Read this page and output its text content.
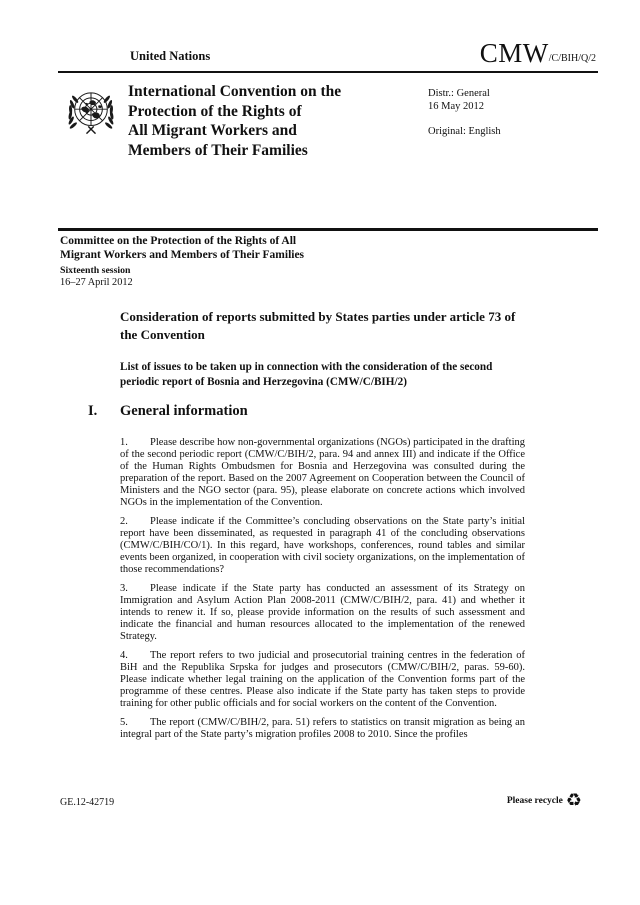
United Nations	CMW /C/BIH/Q/2
International Convention on the
Protection of the Rights of
All Migrant Workers and
Members of Their Families
Distr.: General
16 May 2012
Original: English
Committee on the Protection of the Rights of All
Migrant Workers and Members of Their Families
Sixteenth session
16–27 April 2012
Consideration of reports submitted by States parties under article 73 of the Convention
List of issues to be taken up in connection with the consideration of the second periodic report of Bosnia and Herzegovina (CMW/C/BIH/2)
I. General information

1. Please describe how non-governmental organizations (NGOs) participated in the drafting of the second periodic report (CMW/C/BIH/2, para. 94 and annex III) and indicate if the Office of the Human Rights Ombudsmen for Bosnia and Herzegovina was consulted during the preparation of the report. Based on the 2007 Agreement on Cooperation between the Council of Ministers and the NGO sector (para. 95), please elaborate on concrete actions which involved NGOs in the implementation of the Convention.

2. Please indicate if the Committee’s concluding observations on the State party’s initial report have been disseminated, as requested in paragraph 41 of the concluding observations (CMW/C/BIH/CO/1). In this regard, have workshops, conferences, round tables and similar events been organized, in cooperation with civil society organizations, on the implementation of those recommendations?

3. Please indicate if the State party has conducted an assessment of its Strategy on Immigration and Asylum Action Plan 2008-2011 (CMW/C/BIH/2, para. 41) and whether it intends to renew it. If so, please provide information on the results of such assessment and indicate the financial and human resources allocated to the implementation of the renewed Strategy.

4. The report refers to two judicial and prosecutorial training centres in the federation of BiH and the Republika Srpska for judges and prosecutors (CMW/C/BIH/2, paras. 59-60). Please indicate whether legal training on the application of the Convention forms part of the programme of these centres. Please also indicate if the State party has taken steps to provide training for other public officials and for social workers on the content of the Convention.

5. The report (CMW/C/BIH/2, para. 51) refers to statistics on transit migration as being an integral part of the State party’s migration profiles 2008 to 2010. Since the profiles

GE.12-42719	Please recycle ♻
